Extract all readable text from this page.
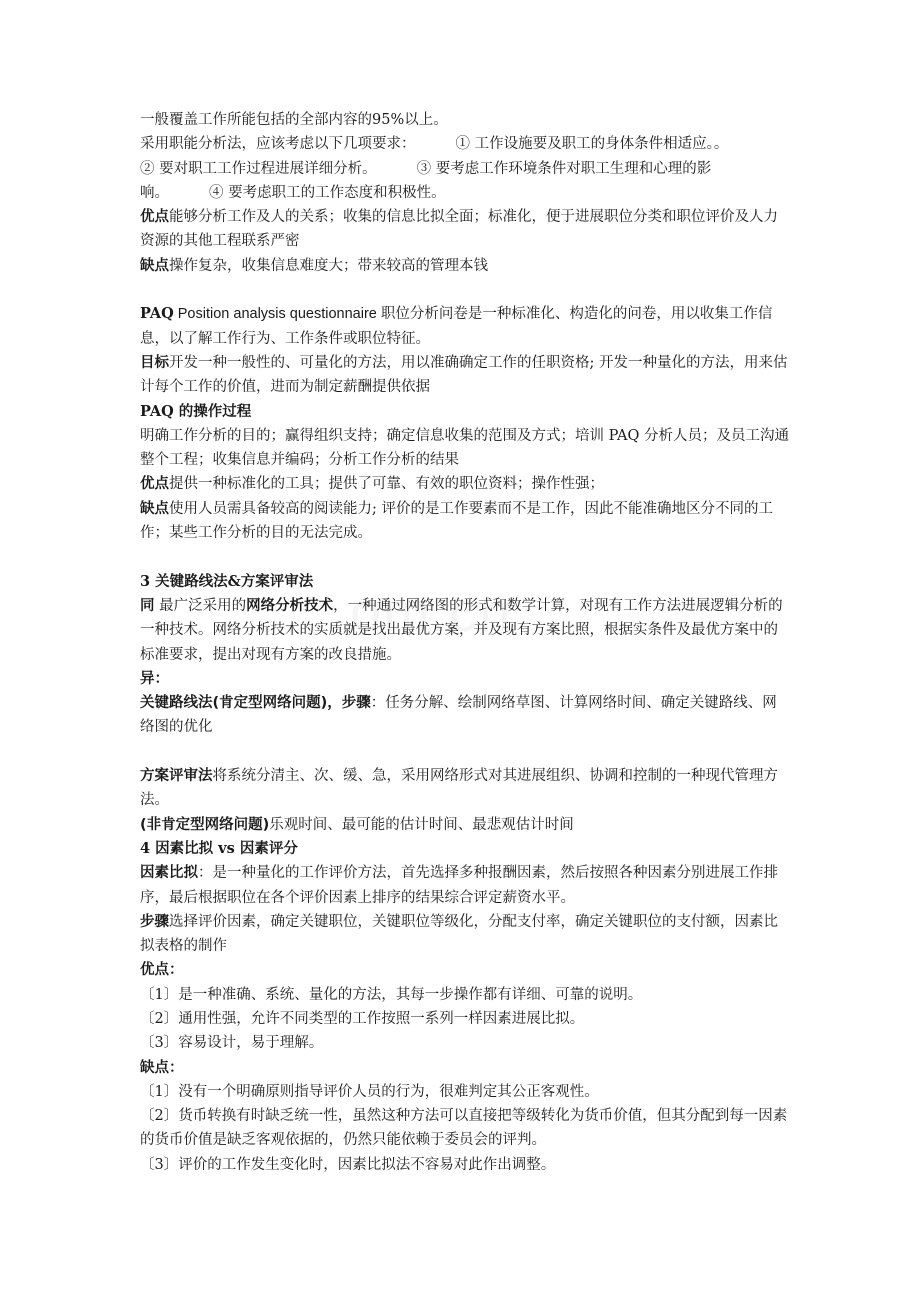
一般覆盖工作所能包括的全部内容的95%以上。

采用职能分析法，应该考虑以下几项要求：	① 工作设施要及职工的身体条件相适应。。

② 要对职工工作过程进展详细分析。	③ 要考虑工作环境条件对职工生理和心理的影

响。	④ 要考虑职工的工作态度和积极性。

优点能够分析工作及人的关系；收集的信息比拟全面；标准化，便于进展职位分类和职位评价及人力资源的其他工程联系严密

缺点操作复杂，收集信息难度大；带来较高的管理本钱

PAQ Position analysis questionnaire 职位分析问卷是一种标准化、构造化的问卷，用以收集工作信息，以了解工作行为、工作条件或职位特征。

目标开发一种一般性的、可量化的方法，用以准确确定工作的任职资格; 开发一种量化的方法，用来估计每个工作的价值，进而为制定薪酬提供依据

PAQ 的操作过程

明确工作分析的目的；赢得组织支持；确定信息收集的范围及方式；培训 PAQ 分析人员；及员工沟通整个工程；收集信息并编码；分析工作分析的结果

优点提供一种标准化的工具；提供了可靠、有效的职位资料；操作性强；

缺点使用人员需具备较高的阅读能力; 评价的是工作要素而不是工作，因此不能准确地区分不同的工作；某些工作分析的目的无法完成。

3 关键路线法&方案评审法

同 最广泛采用的网络分析技术，一种通过网络图的形式和数学计算，对现有工作方法进展逻辑分析的一种技术。网络分析技术的实质就是找出最优方案，并及现有方案比照，根据实条件及最优方案中的标准要求，提出对现有方案的改良措施。

异：

关键路线法(肯定型网络问题)，步骤：任务分解、绘制网络草图、计算网络时间、确定关键路线、网络图的优化

方案评审法将系统分清主、次、缓、急，采用网络形式对其进展组织、协调和控制的一种现代管理方法。

(非肯定型网络问题)乐观时间、最可能的估计时间、最悲观估计时间

4 因素比拟 vs 因素评分

因素比拟：是一种量化的工作评价方法，首先选择多种报酬因素，然后按照各种因素分别进展工作排序，最后根据职位在各个评价因素上排序的结果综合评定薪资水平。

步骤选择评价因素，确定关键职位，关键职位等级化，分配支付率，确定关键职位的支付额，因素比拟表格的制作

优点：

〔1〕是一种准确、系统、量化的方法，其每一步操作都有详细、可靠的说明。

〔2〕通用性强，允许不同类型的工作按照一系列一样因素进展比拟。

〔3〕容易设计，易于理解。

缺点：

〔1〕没有一个明确原则指导评价人员的行为，很难判定其公正客观性。

〔2〕货币转换有时缺乏统一性，虽然这种方法可以直接把等级转化为货币价值，但其分配到每一因素的货币价值是缺乏客观依据的，仍然只能依赖于委员会的评判。

〔3〕评价的工作发生变化时，因素比拟法不容易对此作出调整。
